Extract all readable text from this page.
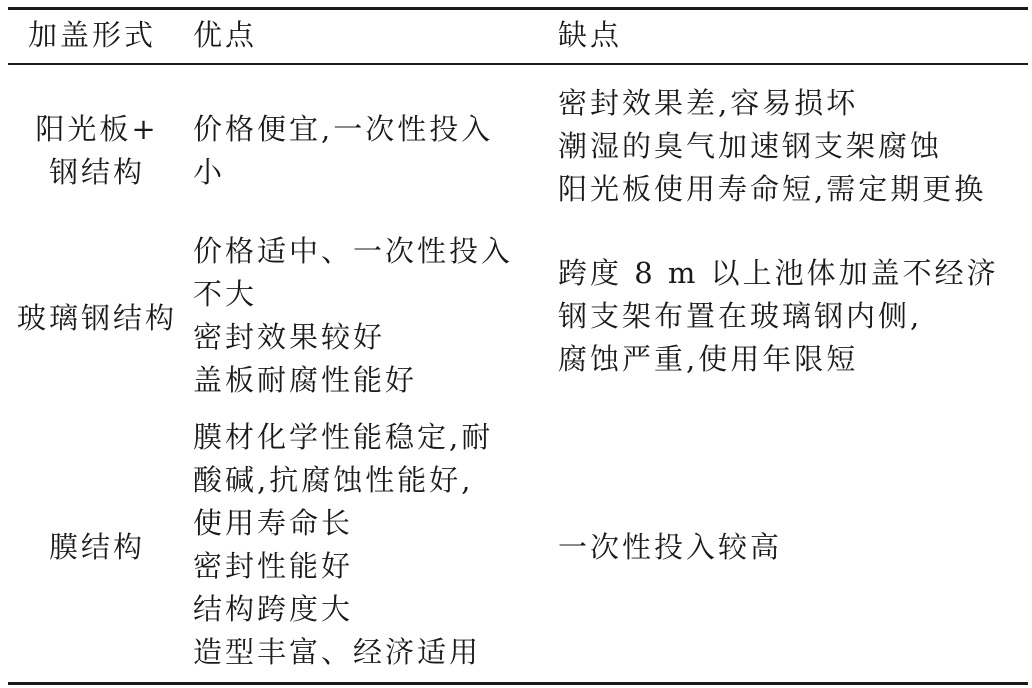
加盖形式 优点	缺点
阳光板+
钢结构
价格便宜,一次性投入
小
密封效果差,容易损坏
潮湿的臭气加速钢支架腐蚀
阳光板使用寿命短,需定期更换
玻璃钢结构
价格适中、一次性投入
不大
密封效果较好
盖板耐腐性能好
跨度 8 m 以上池体加盖不经济
钢支架布置在玻璃钢内侧,
腐蚀严重,使用年限短
膜结构
膜材化学性能稳定,耐
酸碱,抗腐蚀性能好,
使用寿命长
密封性能好
结构跨度大
造型丰富、经济适用
一次性投入较高
